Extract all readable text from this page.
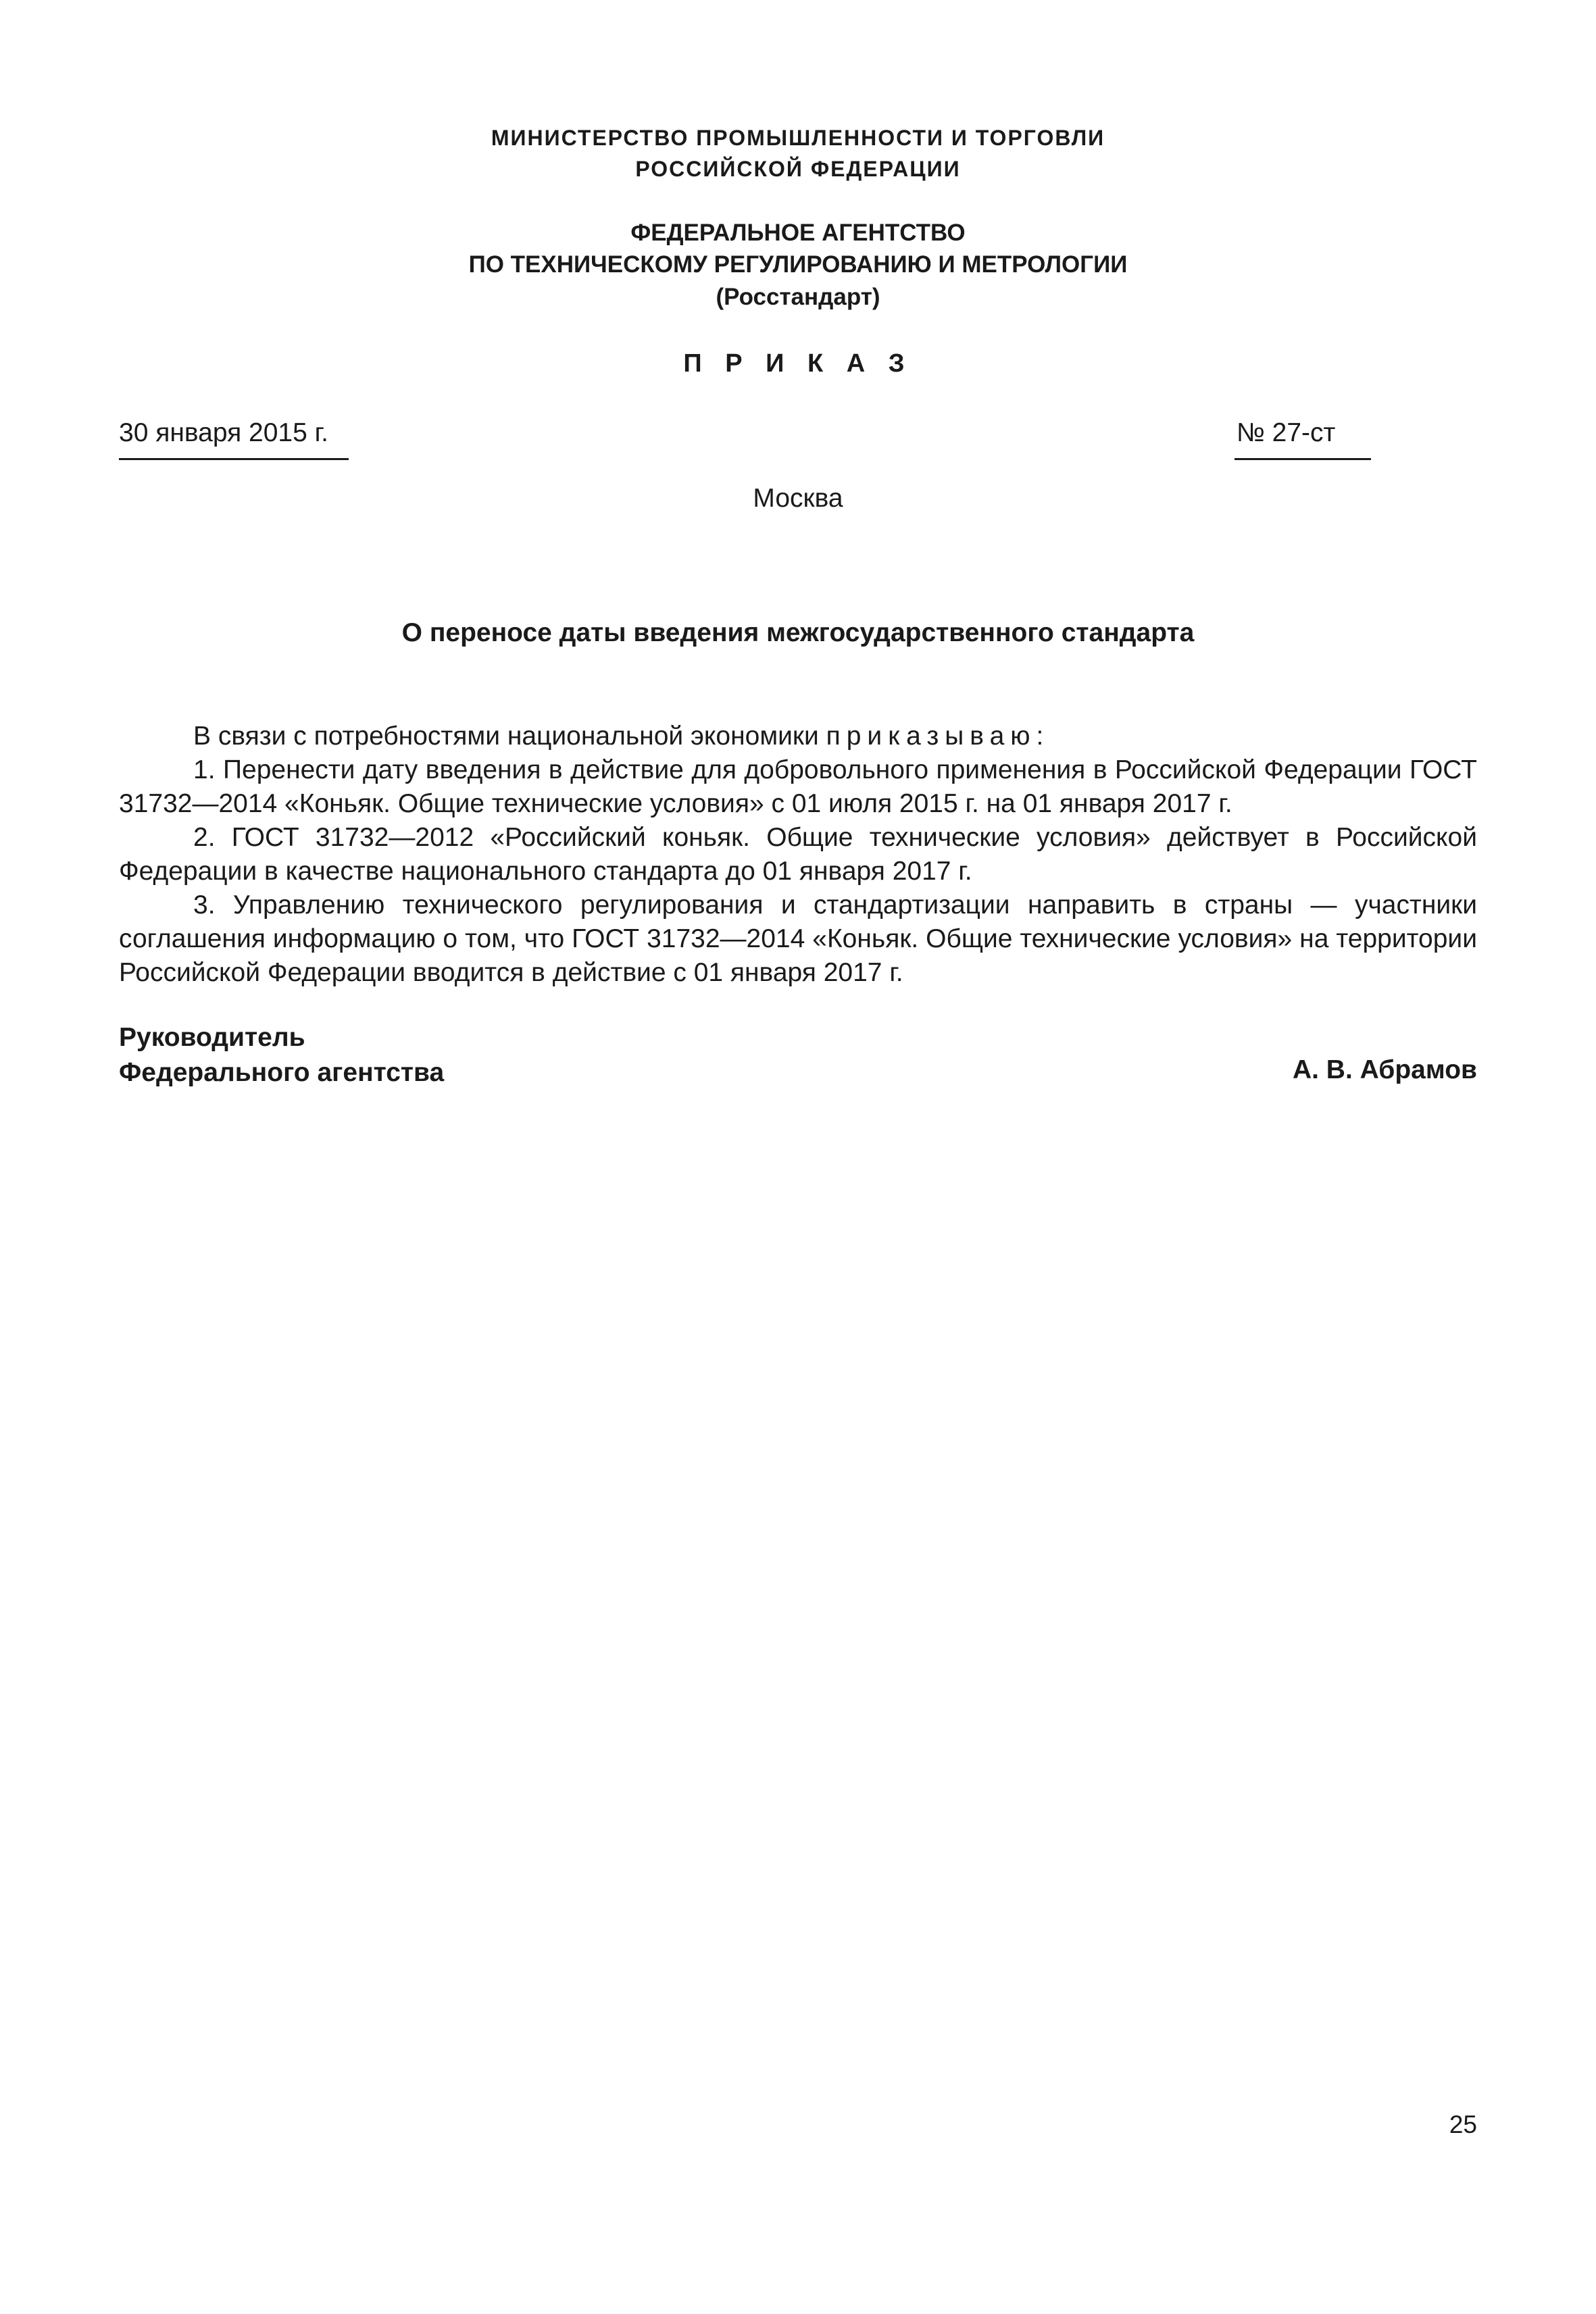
МИНИСТЕРСТВО ПРОМЫШЛЕННОСТИ И ТОРГОВЛИ
РОССИЙСКОЙ ФЕДЕРАЦИИ
ФЕДЕРАЛЬНОЕ АГЕНТСТВО
ПО ТЕХНИЧЕСКОМУ РЕГУЛИРОВАНИЮ И МЕТРОЛОГИИ
(Росстандарт)
П Р И К А З
30 января 2015 г.	№ 27-ст
Москва
О переносе даты введения межгосударственного стандарта

В связи с потребностями национальной экономики приказываю:

1. Перенести дату введения в действие для добровольного применения в Российской Федерации ГОСТ 31732—2014 «Коньяк. Общие технические условия» с 01 июля 2015 г. на 01 января 2017 г.

2. ГОСТ 31732—2012 «Российский коньяк. Общие технические условия» действует в Российской Федерации в качестве национального стандарта до 01 января 2017 г.

3. Управлению технического регулирования и стандартизации направить в страны — участники соглашения информацию о том, что ГОСТ 31732—2014 «Коньяк. Общие технические условия» на территории Российской Федерации вводится в действие с 01 января 2017 г.

Руководитель
Федерального агентства	А. В. Абрамов
25
